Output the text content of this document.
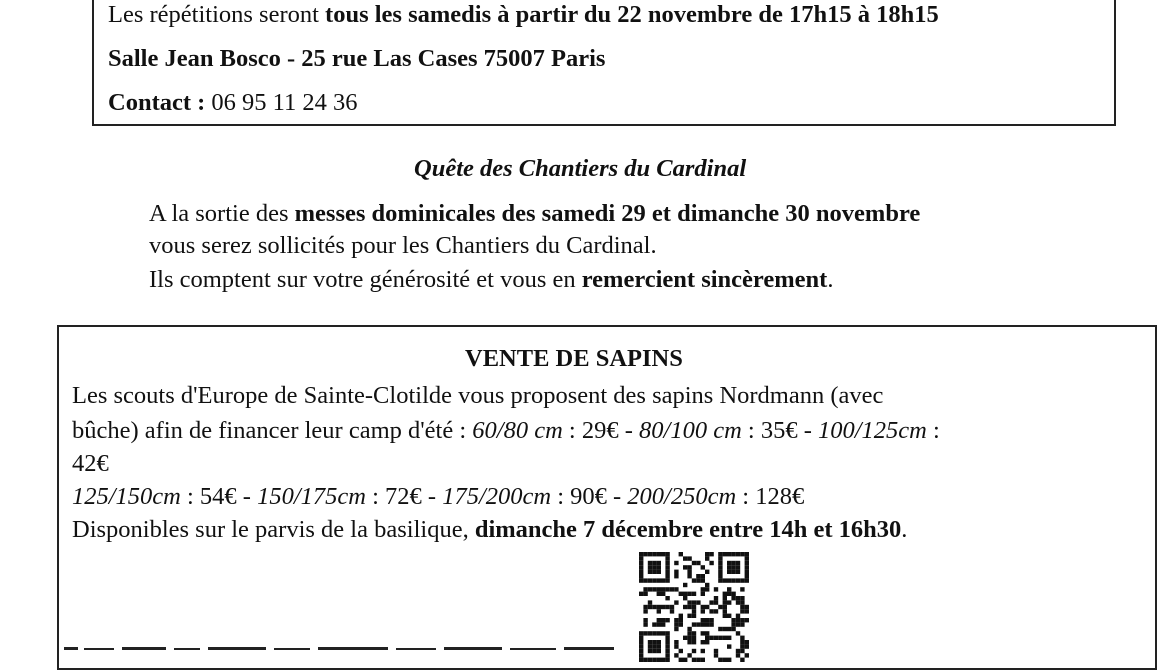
Les répétitions seront tous les samedis à partir du 22 novembre de 17h15 à 18h15
Salle Jean Bosco - 25 rue Las Cases 75007 Paris
Contact : 06 95 11 24 36
Quête des Chantiers du Cardinal
A la sortie des messes dominicales des samedi 29 et dimanche 30 novembre
vous serez sollicités pour les Chantiers du Cardinal.
Ils comptent sur votre générosité et vous en remercient sincèrement.
VENTE DE SAPINS
Les scouts d'Europe de Sainte-Clotilde vous proposent des sapins Nordmann (avec
bûche) afin de financer leur camp d'été : 60/80 cm : 29€ - 80/100 cm : 35€ - 100/125cm :
42€
125/150cm : 54€ - 150/175cm : 72€ - 175/200cm : 90€ - 200/250cm : 128€
Disponibles sur le parvis de la basilique, dimanche 7 décembre entre 14h et 16h30.
